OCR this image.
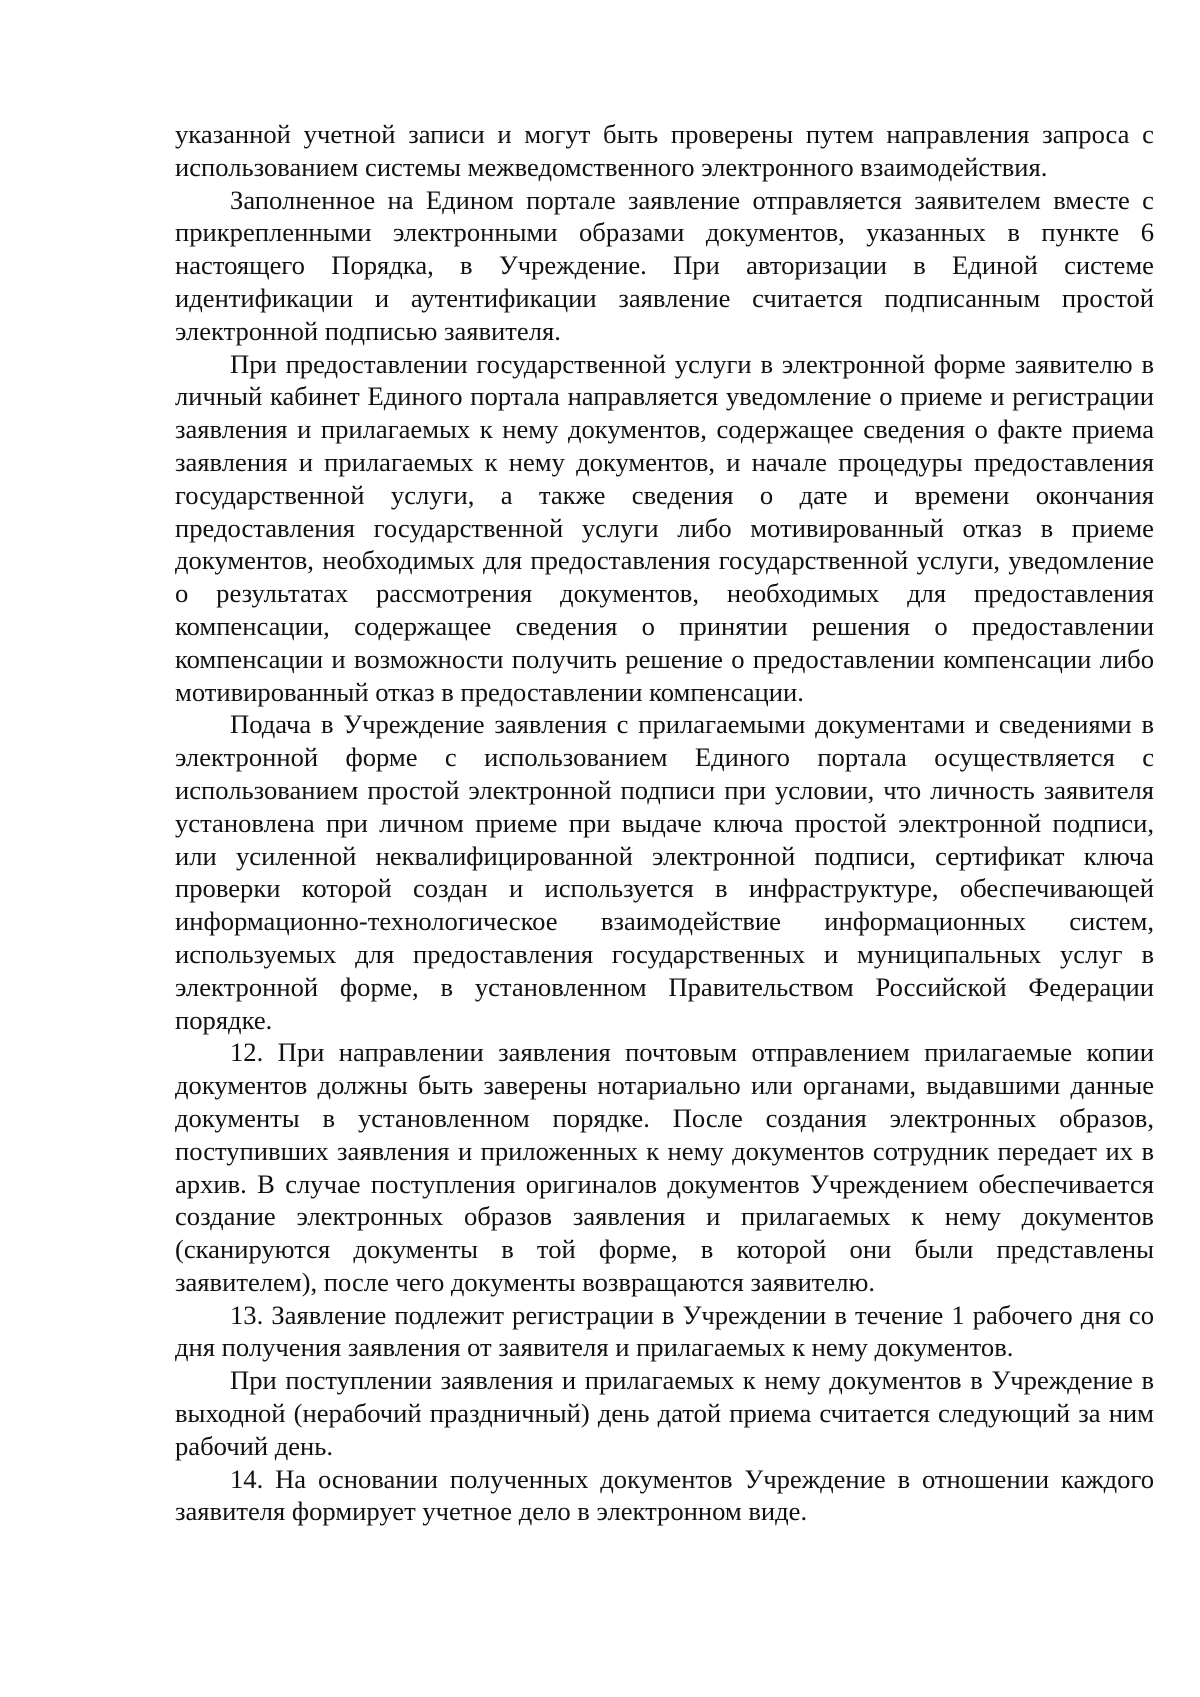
указанной учетной записи и могут быть проверены путем направления запроса с использованием системы межведомственного электронного взаимодействия.

Заполненное на Едином портале заявление отправляется заявителем вместе с прикрепленными электронными образами документов, указанных в пункте 6 настоящего Порядка, в Учреждение. При авторизации в Единой системе идентификации и аутентификации заявление считается подписанным простой электронной подписью заявителя.

При предоставлении государственной услуги в электронной форме заявителю в личный кабинет Единого портала направляется уведомление о приеме и регистрации заявления и прилагаемых к нему документов, содержащее сведения о факте приема заявления и прилагаемых к нему документов, и начале процедуры предоставления государственной услуги, а также сведения о дате и времени окончания предоставления государственной услуги либо мотивированный отказ в приеме документов, необходимых для предоставления государственной услуги, уведомление о результатах рассмотрения документов, необходимых для предоставления компенсации, содержащее сведения о принятии решения о предоставлении компенсации и возможности получить решение о предоставлении компенсации либо мотивированный отказ в предоставлении компенсации.

Подача в Учреждение заявления с прилагаемыми документами и сведениями в электронной форме с использованием Единого портала осуществляется с использованием простой электронной подписи при условии, что личность заявителя установлена при личном приеме при выдаче ключа простой электронной подписи, или усиленной неквалифицированной электронной подписи, сертификат ключа проверки которой создан и используется в инфраструктуре, обеспечивающей информационно-технологическое взаимодействие информационных систем, используемых для предоставления государственных и муниципальных услуг в электронной форме, в установленном Правительством Российской Федерации порядке.

12. При направлении заявления почтовым отправлением прилагаемые копии документов должны быть заверены нотариально или органами, выдавшими данные документы в установленном порядке. После создания электронных образов, поступивших заявления и приложенных к нему документов сотрудник передает их в архив. В случае поступления оригиналов документов Учреждением обеспечивается создание электронных образов заявления и прилагаемых к нему документов (сканируются документы в той форме, в которой они были представлены заявителем), после чего документы возвращаются заявителю.

13. Заявление подлежит регистрации в Учреждении в течение 1 рабочего дня со дня получения заявления от заявителя и прилагаемых к нему документов.

При поступлении заявления и прилагаемых к нему документов в Учреждение в выходной (нерабочий праздничный) день датой приема считается следующий за ним рабочий день.

14. На основании полученных документов Учреждение в отношении каждого заявителя формирует учетное дело в электронном виде.
